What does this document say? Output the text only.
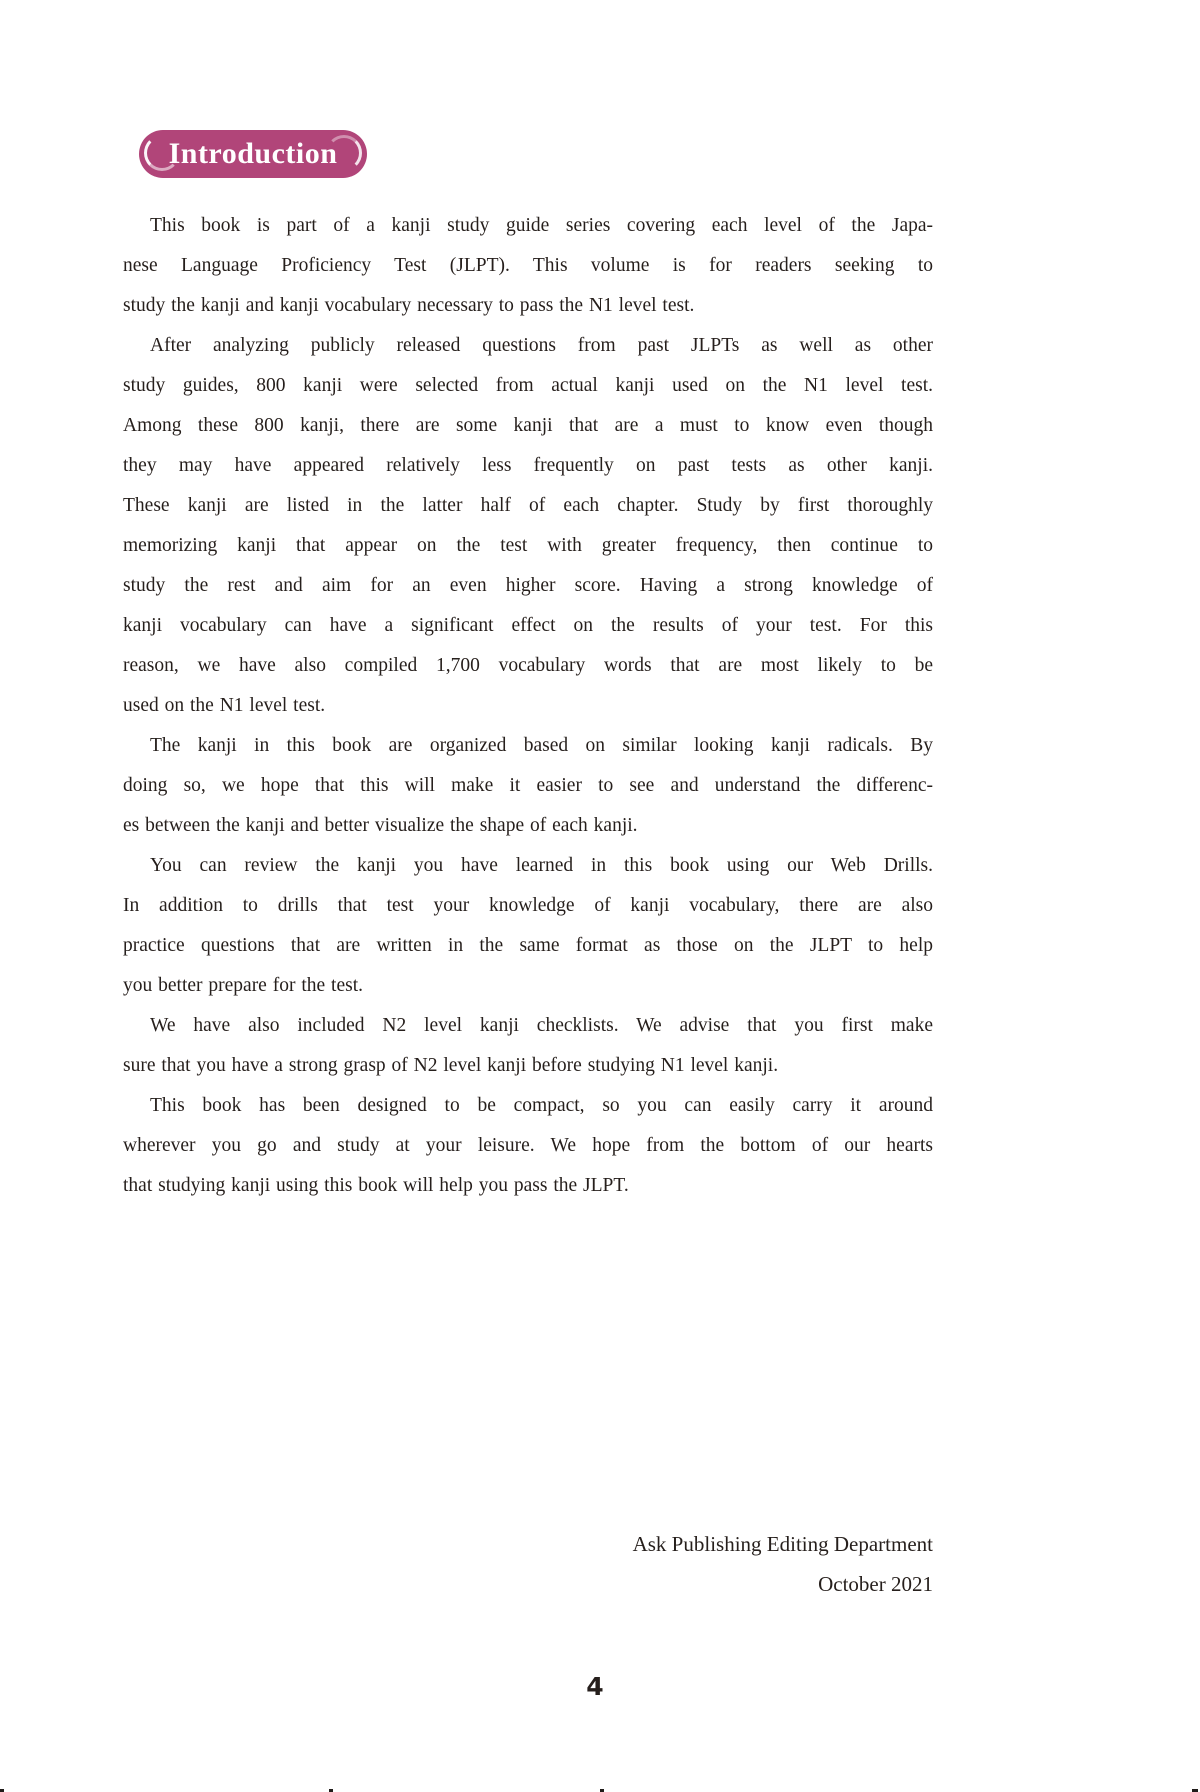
Introduction
This book is part of a kanji study guide series covering each level of the Japa-
nese Language Proficiency Test (JLPT). This volume is for readers seeking to
study the kanji and kanji vocabulary necessary to pass the N1 level test.
After analyzing publicly released questions from past JLPTs as well as other
study guides, 800 kanji were selected from actual kanji used on the N1 level test.
Among these 800 kanji, there are some kanji that are a must to know even though
they may have appeared relatively less frequently on past tests as other kanji.
These kanji are listed in the latter half of each chapter. Study by first thoroughly
memorizing kanji that appear on the test with greater frequency, then continue to
study the rest and aim for an even higher score. Having a strong knowledge of
kanji vocabulary can have a significant effect on the results of your test. For this
reason, we have also compiled 1,700 vocabulary words that are most likely to be
used on the N1 level test.
The kanji in this book are organized based on similar looking kanji radicals. By
doing so, we hope that this will make it easier to see and understand the differenc-
es between the kanji and better visualize the shape of each kanji.
You can review the kanji you have learned in this book using our Web Drills.
In addition to drills that test your knowledge of kanji vocabulary, there are also
practice questions that are written in the same format as those on the JLPT to help
you better prepare for the test.
We have also included N2 level kanji checklists. We advise that you first make
sure that you have a strong grasp of N2 level kanji before studying N1 level kanji.
This book has been designed to be compact, so you can easily carry it around
wherever you go and study at your leisure. We hope from the bottom of our hearts
that studying kanji using this book will help you pass the JLPT.
Ask Publishing Editing Department
October 2021
4
